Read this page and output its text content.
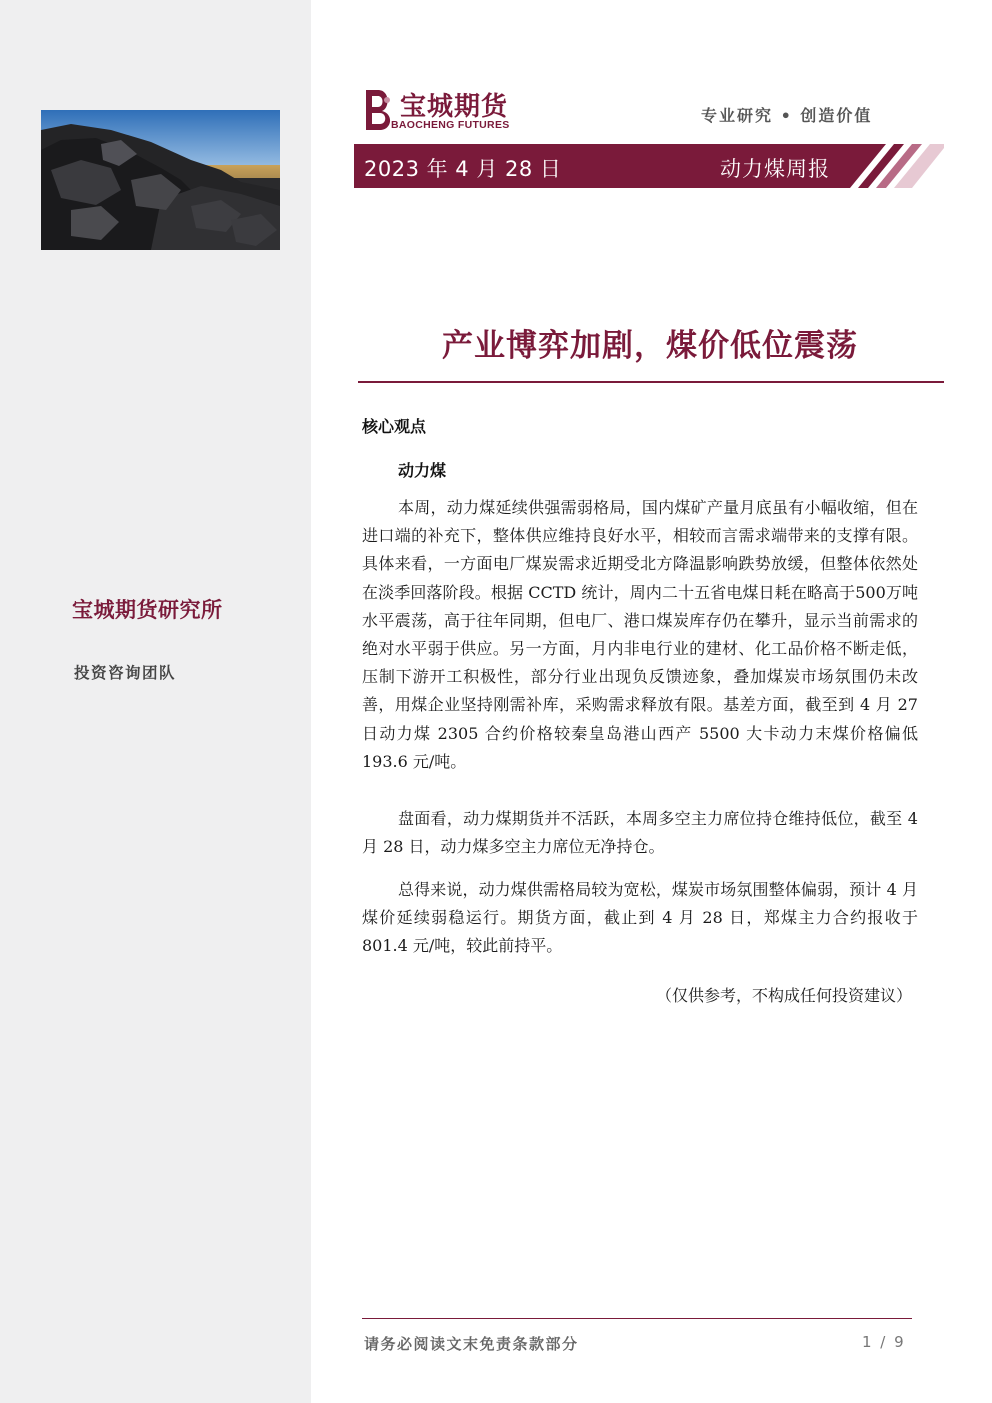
宝城期货研究所
投资咨询团队
宝城期货
BAOCHENG FUTURES	专业研究 • 创造价值
2023 年 4 月 28 日	动力煤周报
产业博弈加剧，煤价低位震荡
核心观点
动力煤

本周，动力煤延续供强需弱格局，国内煤矿产量月底虽有小幅收缩，但在进口端的补充下，整体供应维持良好水平，相较而言需求端带来的支撑有限。具体来看，一方面电厂煤炭需求近期受北方降温影响跌势放缓，但整体依然处在淡季回落阶段。根据 CCTD 统计，周内二十五省电煤日耗在略高于500万吨水平震荡，高于往年同期，但电厂、港口煤炭库存仍在攀升，显示当前需求的绝对水平弱于供应。另一方面，月内非电行业的建材、化工品价格不断走低，压制下游开工积极性，部分行业出现负反馈迹象，叠加煤炭市场氛围仍未改善，用煤企业坚持刚需补库，采购需求释放有限。基差方面，截至到 4 月 27 日动力煤 2305 合约价格较秦皇岛港山西产 5500 大卡动力末煤价格偏低 193.6 元/吨。

盘面看，动力煤期货并不活跃，本周多空主力席位持仓维持低位，截至 4 月 28 日，动力煤多空主力席位无净持仓。

总得来说，动力煤供需格局较为宽松，煤炭市场氛围整体偏弱，预计 4 月煤价延续弱稳运行。期货方面，截止到 4 月 28 日，郑煤主力合约报收于 801.4 元/吨，较此前持平。

（仅供参考，不构成任何投资建议）
请务必阅读文末免责条款部分	1 / 9
